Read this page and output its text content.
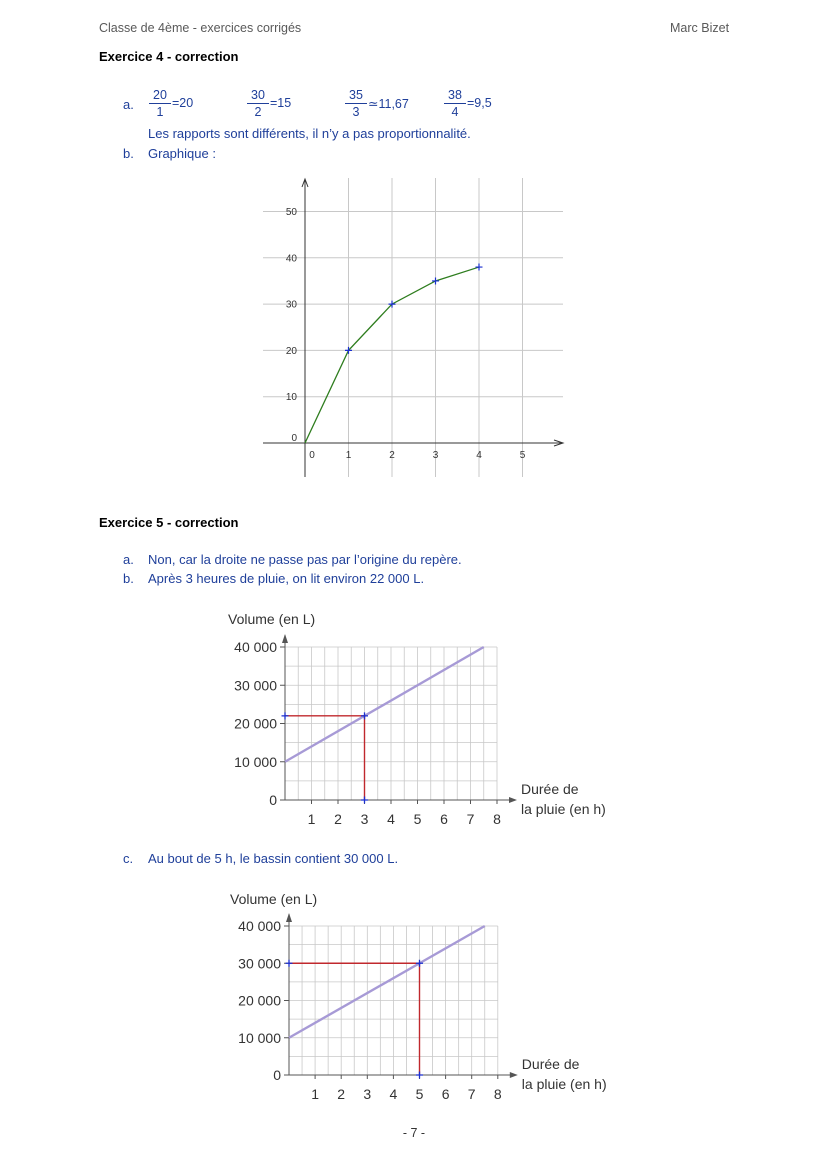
Classe de 4ème - exercices corrigés	Marc Bizet
Exercice 4 - correction
a. $\frac{20}{1} =20$	$\frac{30}{2} =15$	$\frac{35}{3}$ ≃11,67	$\frac{38}{4} =9,5$
Les rapports sont différents, il n’y a pas proportionnalité.
b. Graphique :
0
10
20
30
40
50
0	1	2	3	4	5
Exercice 5 - correction
a. Non, car la droite ne passe pas par l’origine du repère.
b. Après 3 heures de pluie, on lit environ 22 000 L.
Volume (en L)
0
10 000
20 000
30 000
40 000
1 2 3 4 5 6 7 8
Durée de
la pluie (en h)
c. Au bout de 5 h, le bassin contient 30 000 L.
Volume (en L)
0
10 000
20 000
30 000
40 000
1 2 3 4 5 6 7 8
Durée de
la pluie (en h)
- 7 -
